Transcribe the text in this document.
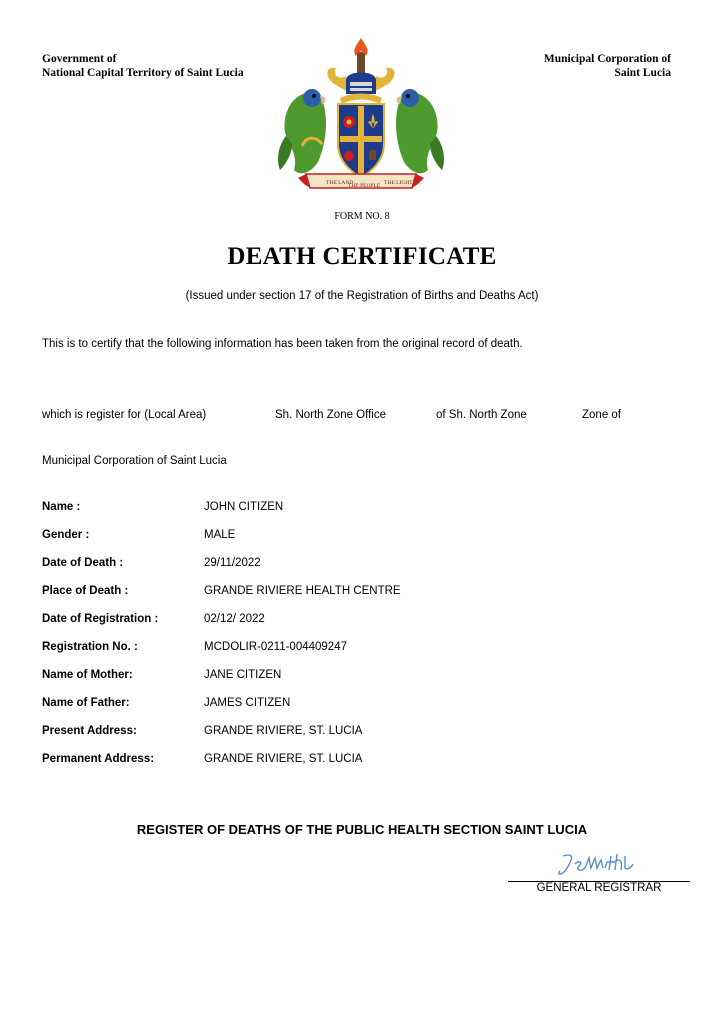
Government of
National Capital Territory of Saint Lucia
Municipal Corporation of
Saint Lucia
THE LAND
THE PEOPLE THE LIGHT
FORM NO. 8
DEATH CERTIFICATE
(Issued under section 17 of the Registration of Births and Deaths Act)
This is to certify that the following information has been taken from the original record of death.
which is register for (Local Area)	Sh. North Zone Office	of Sh. North Zone	Zone of
Municipal Corporation of Saint Lucia
Name :	JOHN CITIZEN
Gender :	MALE
Date of Death :	29/11/2022
Place of Death :	GRANDE RIVIERE HEALTH CENTRE
Date of Registration :	02/12/ 2022
Registration No. :	MCDOLIR-0211-004409247
Name of Mother:	JANE CITIZEN
Name of Father:	JAMES CITIZEN
Present Address:	GRANDE RIVIERE, ST. LUCIA
Permanent Address:	GRANDE RIVIERE, ST. LUCIA
REGISTER OF DEATHS OF THE PUBLIC HEALTH SECTION SAINT LUCIA
GENERAL REGISTRAR
